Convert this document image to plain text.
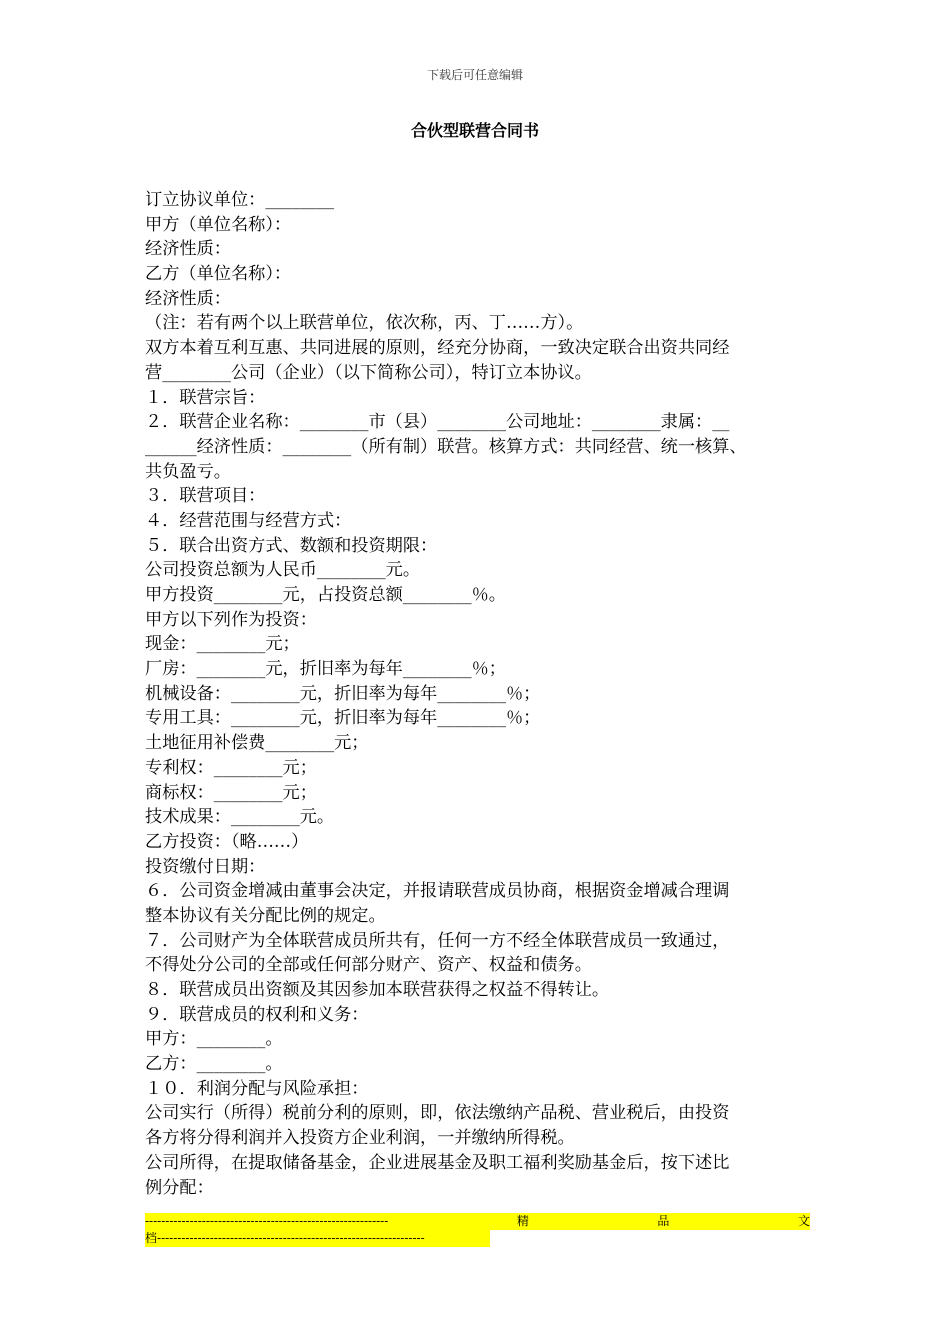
下载后可任意编辑
合伙型联营合同书
订立协议单位：________
甲方（单位名称）：
经济性质：
乙方（单位名称）：
经济性质：
（注：若有两个以上联营单位，依次称，丙、丁……方）。
双方本着互利互惠、共同进展的原则，经充分协商，一致决定联合出资共同经
营________公司（企业）（以下简称公司），特订立本协议。
１．联营宗旨：
２．联营企业名称：________市（县）________公司地址：________隶属：__
______经济性质：________（所有制）联营。核算方式：共同经营、统一核算、
共负盈亏。
３．联营项目：
４．经营范围与经营方式：
５．联合出资方式、数额和投资期限：
公司投资总额为人民币________元。
甲方投资________元，占投资总额________％。
甲方以下列作为投资：
现金：________元；
厂房：________元，折旧率为每年________％；
机械设备：________元，折旧率为每年________％；
专用工具：________元，折旧率为每年________％；
土地征用补偿费________元；
专利权：________元；
商标权：________元；
技术成果：________元。
乙方投资：（略……）
投资缴付日期：
６．公司资金增减由董事会决定，并报请联营成员协商，根据资金增减合理调
整本协议有关分配比例的规定。
７．公司财产为全体联营成员所共有，任何一方不经全体联营成员一致通过，
不得处分公司的全部或任何部分财产、资产、权益和债务。
８．联营成员出资额及其因参加本联营获得之权益不得转让。
９．联营成员的权利和义务：
甲方：________。
乙方：________。
１０．利润分配与风险承担：
公司实行（所得）税前分利的原则，即，依法缴纳产品税、营业税后，由投资
各方将分得利润并入投资方企业利润，一并缴纳所得税。
公司所得，在提取储备基金，企业进展基金及职工福利奖励基金后，按下述比
例分配：
------------------------------------------------------------	精	品	文
档------------------------------------------------------------------
